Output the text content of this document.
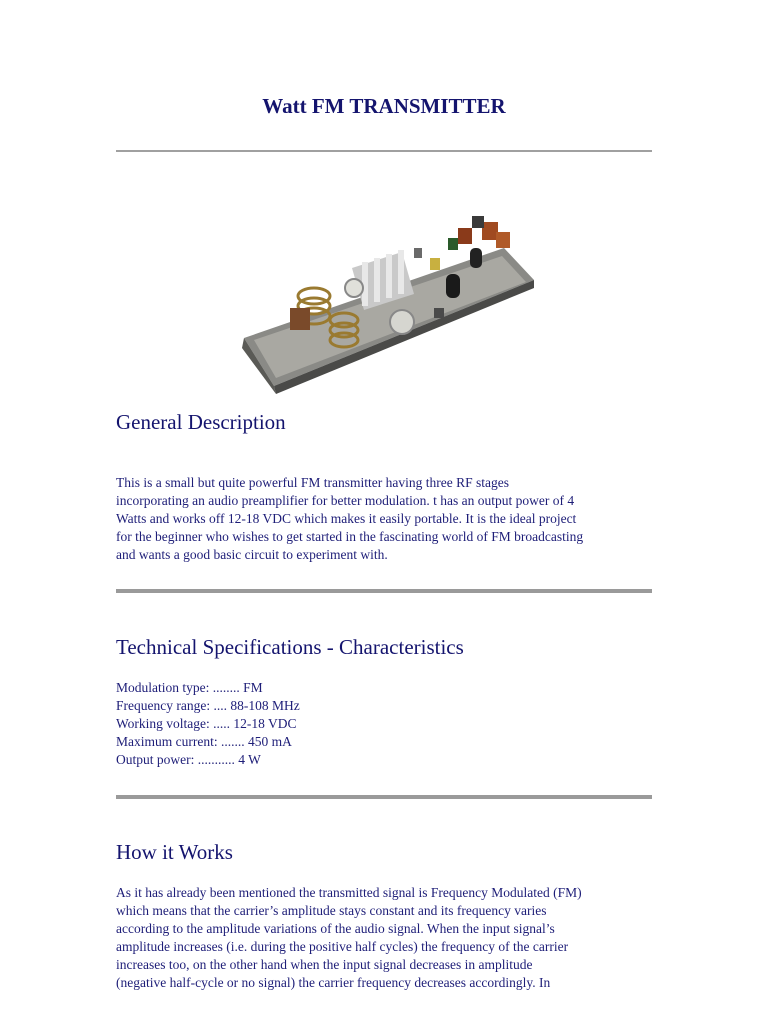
Watt FM TRANSMITTER
General Description
This is a small but quite powerful FM transmitter having three RF stages
incorporating an audio preamplifier for better modulation. t has an output power of 4
Watts and works off 12-18 VDC which makes it easily portable. It is the ideal project
for the beginner who wishes to get started in the fascinating world of FM broadcasting
and wants a good basic circuit to experiment with.
Technical Specifications - Characteristics
Modulation type: ........ FM
Frequency range: .... 88-108 MHz
Working voltage: ..... 12-18 VDC
Maximum current: ....... 450 mA
Output power: ........... 4 W
How it Works
As it has already been mentioned the transmitted signal is Frequency Modulated (FM)
which means that the carrier’s amplitude stays constant and its frequency varies
according to the amplitude variations of the audio signal. When the input signal’s
amplitude increases (i.e. during the positive half cycles) the frequency of the carrier
increases too, on the other hand when the input signal decreases in amplitude
(negative half-cycle or no signal) the carrier frequency decreases accordingly. In
